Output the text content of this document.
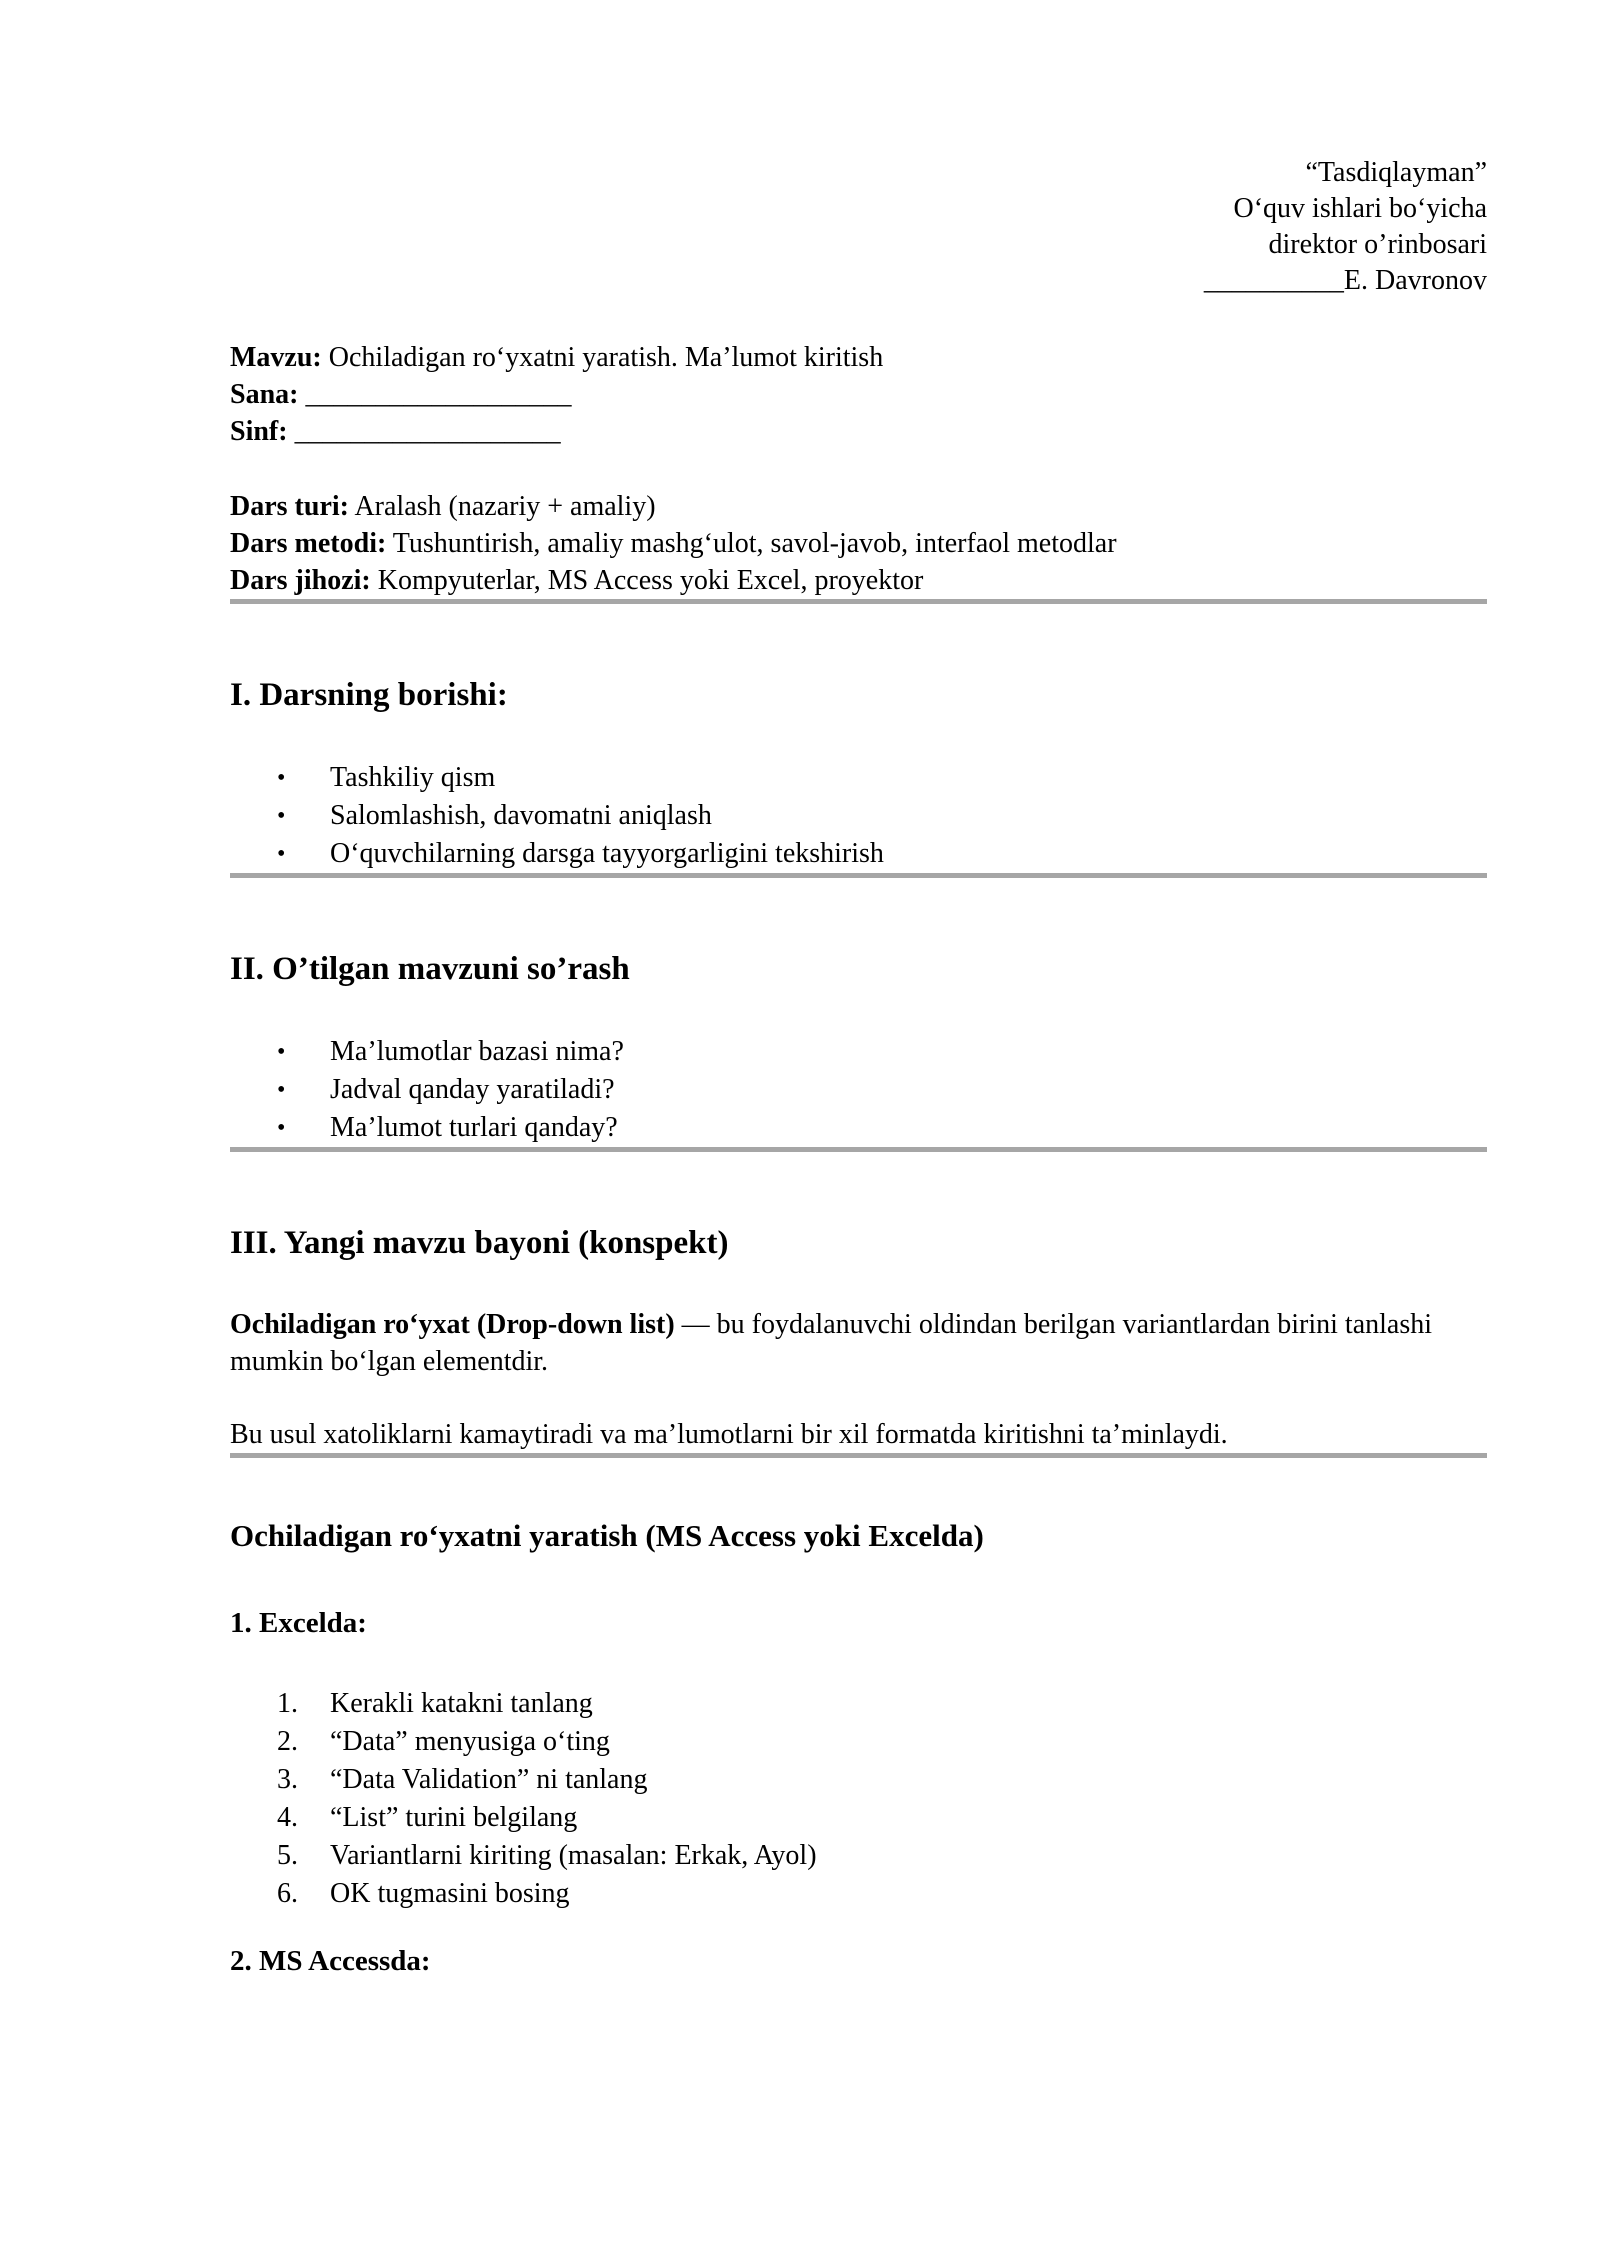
“Tasdiqlayman”
Oʻquv ishlari boʻyicha
direktor o’rinbosari
__________E. Davronov
Mavzu: Ochiladigan roʻyxatni yaratish. Ma’lumot kiritish
Sana: ___________________
Sinf: ___________________
Dars turi: Aralash (nazariy + amaliy)
Dars metodi: Tushuntirish, amaliy mashgʻulot, savol-javob, interfaol metodlar
Dars jihozi: Kompyuterlar, MS Access yoki Excel, proyektor
I. Darsning borishi:
• Tashkiliy qism
• Salomlashish, davomatni aniqlash
• Oʻquvchilarning darsga tayyorgarligini tekshirish
II. O’tilgan mavzuni so’rash
• Ma’lumotlar bazasi nima?
• Jadval qanday yaratiladi?
• Ma’lumot turlari qanday?
III. Yangi mavzu bayoni (konspekt)
Ochiladigan roʻyxat (Drop-down list) — bu foydalanuvchi oldindan berilgan variantlardan birini tanlashi mumkin boʻlgan elementdir.
Bu usul xatoliklarni kamaytiradi va ma’lumotlarni bir xil formatda kiritishni ta’minlaydi.
Ochiladigan roʻyxatni yaratish (MS Access yoki Excelda)
1. Excelda:
1. Kerakli katakni tanlang
2. “Data” menyusiga oʻting
3. “Data Validation” ni tanlang
4. “List” turini belgilang
5. Variantlarni kiriting (masalan: Erkak, Ayol)
6. OK tugmasini bosing
2. MS Accessda:
